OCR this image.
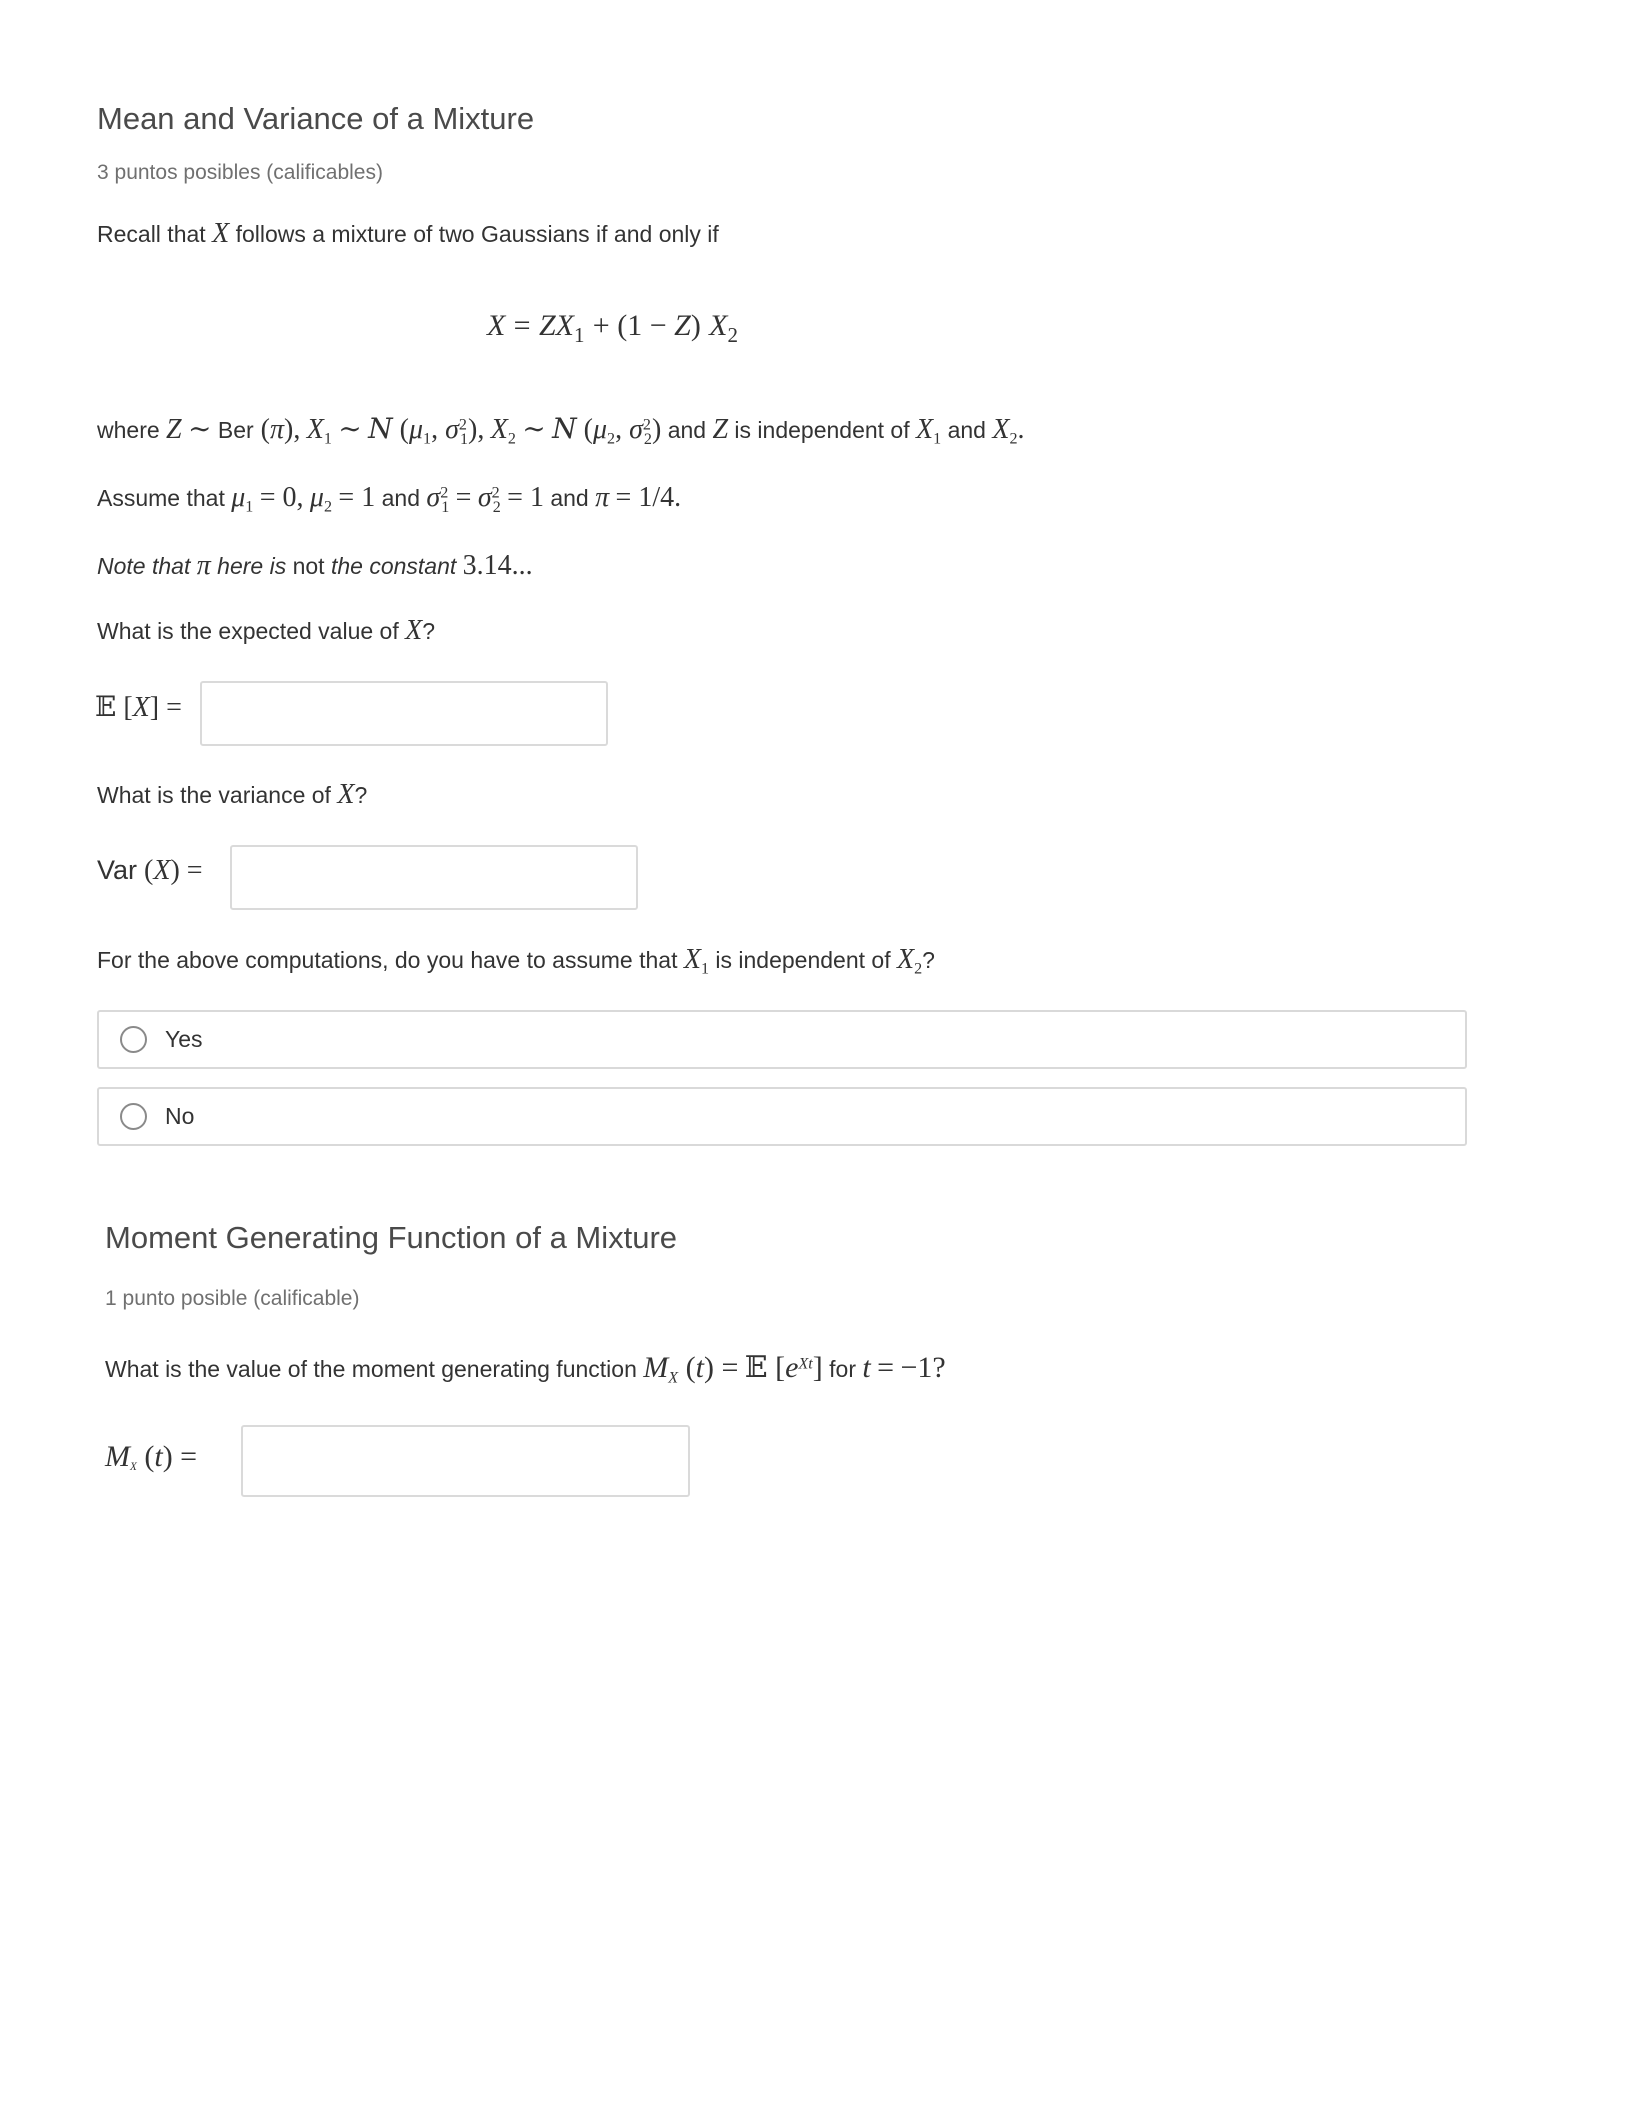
Mean and Variance of a Mixture
3 puntos posibles (calificables)
Recall that X follows a mixture of two Gaussians if and only if
$X = ZX_1 + (1 - Z)$ $X_2$
where Z ∼ Ber (π), $X_1$ ∼ N ($\mu_1$, $\sigma^2_1$), $X_2$ ∼ N ($\mu_2$, $\sigma^2_2$) and Z is independent of $X_1$ and $X_2$.
Assume that $\mu_1 = 0$, $\mu_2 = 1$ and $\sigma^2_1 = \sigma^2_2 = 1$ and π = 1/4.
Note that π here is not the constant 3.14...
What is the expected value of X?
𝔼 [X] =
What is the variance of X?
Var (X) =
For the above computations, do you have to assume that $X_1$ is independent of $X_2$?
Yes
No
Moment Generating Function of a Mixture
1 punto posible (calificable)
What is the value of the moment generating function $M_X$ (t) = 𝔼 $[e^{Xt}]$ for t = −1?
$M_X$ (t) =
